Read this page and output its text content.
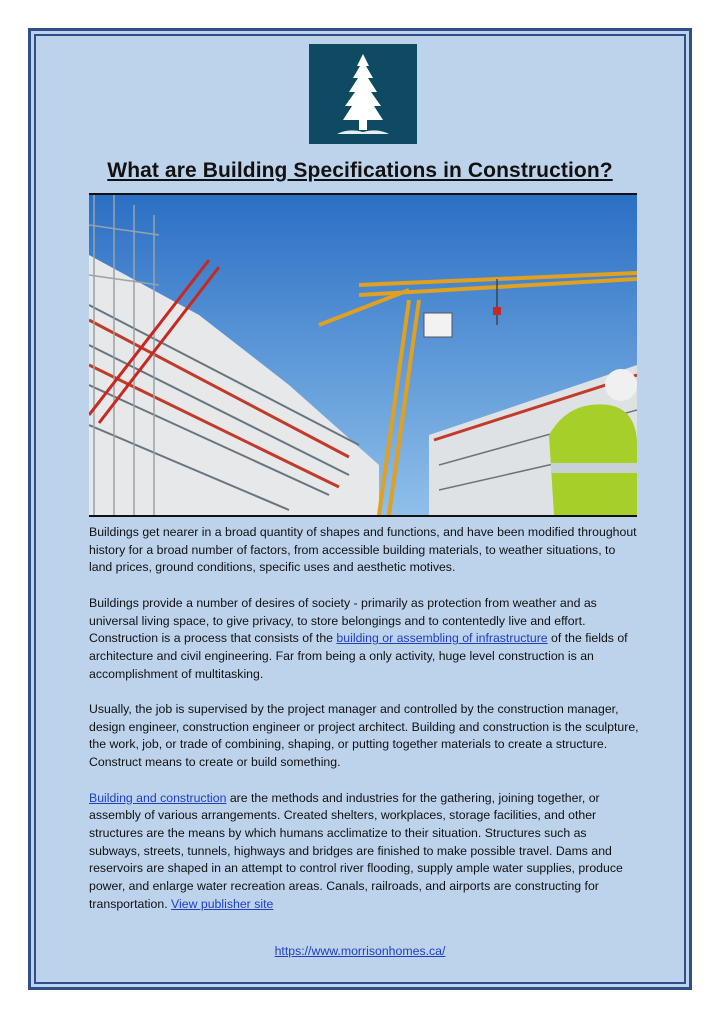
What are Building Specifications in Construction?

Buildings get nearer in a broad quantity of shapes and functions, and have been modified throughout history for a broad number of factors, from accessible building materials, to weather situations, to land prices, ground conditions, specific uses and aesthetic motives.

Buildings provide a number of desires of society - primarily as protection from weather and as universal living space, to give privacy, to store belongings and to contentedly live and effort. Construction is a process that consists of the building or assembling of infrastructure of the fields of architecture and civil engineering. Far from being a only activity, huge level construction is an accomplishment of multitasking.

Usually, the job is supervised by the project manager and controlled by the construction manager, design engineer, construction engineer or project architect. Building and construction is the sculpture, the work, job, or trade of combining, shaping, or putting together materials to create a structure. Construct means to create or build something.

Building and construction are the methods and industries for the gathering, joining together, or assembly of various arrangements. Created shelters, workplaces, storage facilities, and other structures are the means by which humans acclimatize to their situation. Structures such as subways, streets, tunnels, highways and bridges are finished to make possible travel. Dams and reservoirs are shaped in an attempt to control river flooding, supply ample water supplies, produce power, and enlarge water recreation areas. Canals, railroads, and airports are constructing for transportation. View publisher site

https://www.morrisonhomes.ca/
